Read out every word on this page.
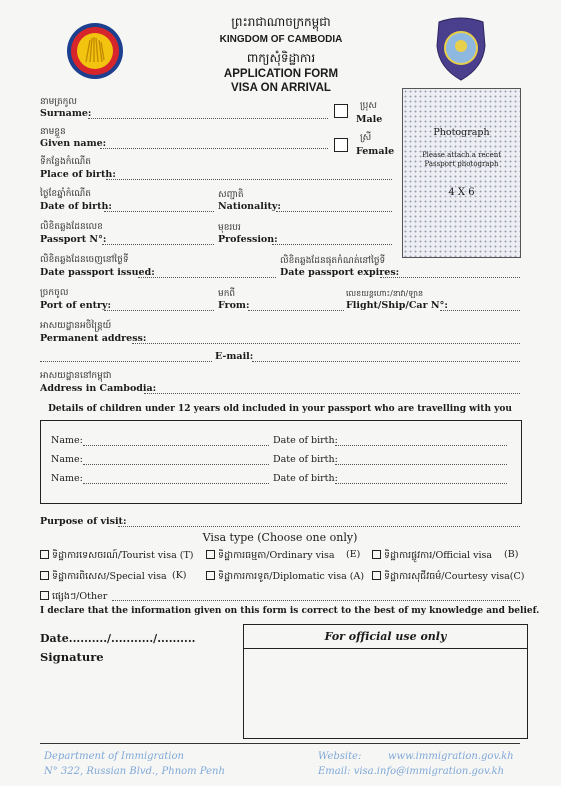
ព្រះរាជាណាចក្រកម្ពុជា
KINGDOM OF CAMBODIA
ពាក្យសុំទិដ្ឋាការ
APPLICATION FORM
VISA ON ARRIVAL
Photograph
Please attach a recent
Passport photograph
4 X 6
នាមត្រកូល
Surname:
ប្រុស
Male
នាមខ្លួន
Given name:	ស្រី
Female
ទីកន្លែងកំណើត
Place of birth:
ថ្ងៃខែឆ្នាំកំណើត
Date of birth:
សញ្ជាតិ
Nationality:
លិខិតឆ្លងដែនលេខ
Passport N°:
មុខរបរ
Profession:
លិខិតឆ្លងដែនចេញនៅថ្ងៃទី
Date passport issued:
លិខិតឆ្លងដែនផុតកំណត់នៅថ្ងៃទី
Date passport expires:
ច្រកចូល
Port of entry:
មកពី
From:
លេខយន្តហោះ/នាវា/ឡាន
Flight/Ship/Car N°:
អាសយដ្ឋានអចិន្ត្រៃយ៍
Permanent address:
E-mail:
អាសយដ្ឋាននៅកម្ពុជា
Address in Cambodia:
Details of children under 12 years old included in your passport who are travelling with you
Name:	Date of birth:
Name:	Date of birth:
Name:	Date of birth:
Purpose of visit:
Visa type (Choose one only)
ទិដ្ឋាការទេសចរណ៍/Tourist visa (T)	ទិដ្ឋាការធម្មតា/Ordinary visa (E)	ទិដ្ឋាការផ្លូវការ/Official visa (B)
ទិដ្ឋាការពិសេស/Special visa (K)	ទិដ្ឋាការការទូត/Diplomatic visa (A)	ទិដ្ឋាការសុជីវធម៌/Courtesy visa(C)
ផ្សេងៗ/Other
I declare that the information given on this form is correct to the best of my knowledge and belief.
Date........../.........../..........
Signature
For official use only
Department of Immigration
N° 322, Russian Blvd., Phnom Penh
Website:	www.immigration.gov.kh
Email: visa.info@immigration.gov.kh
